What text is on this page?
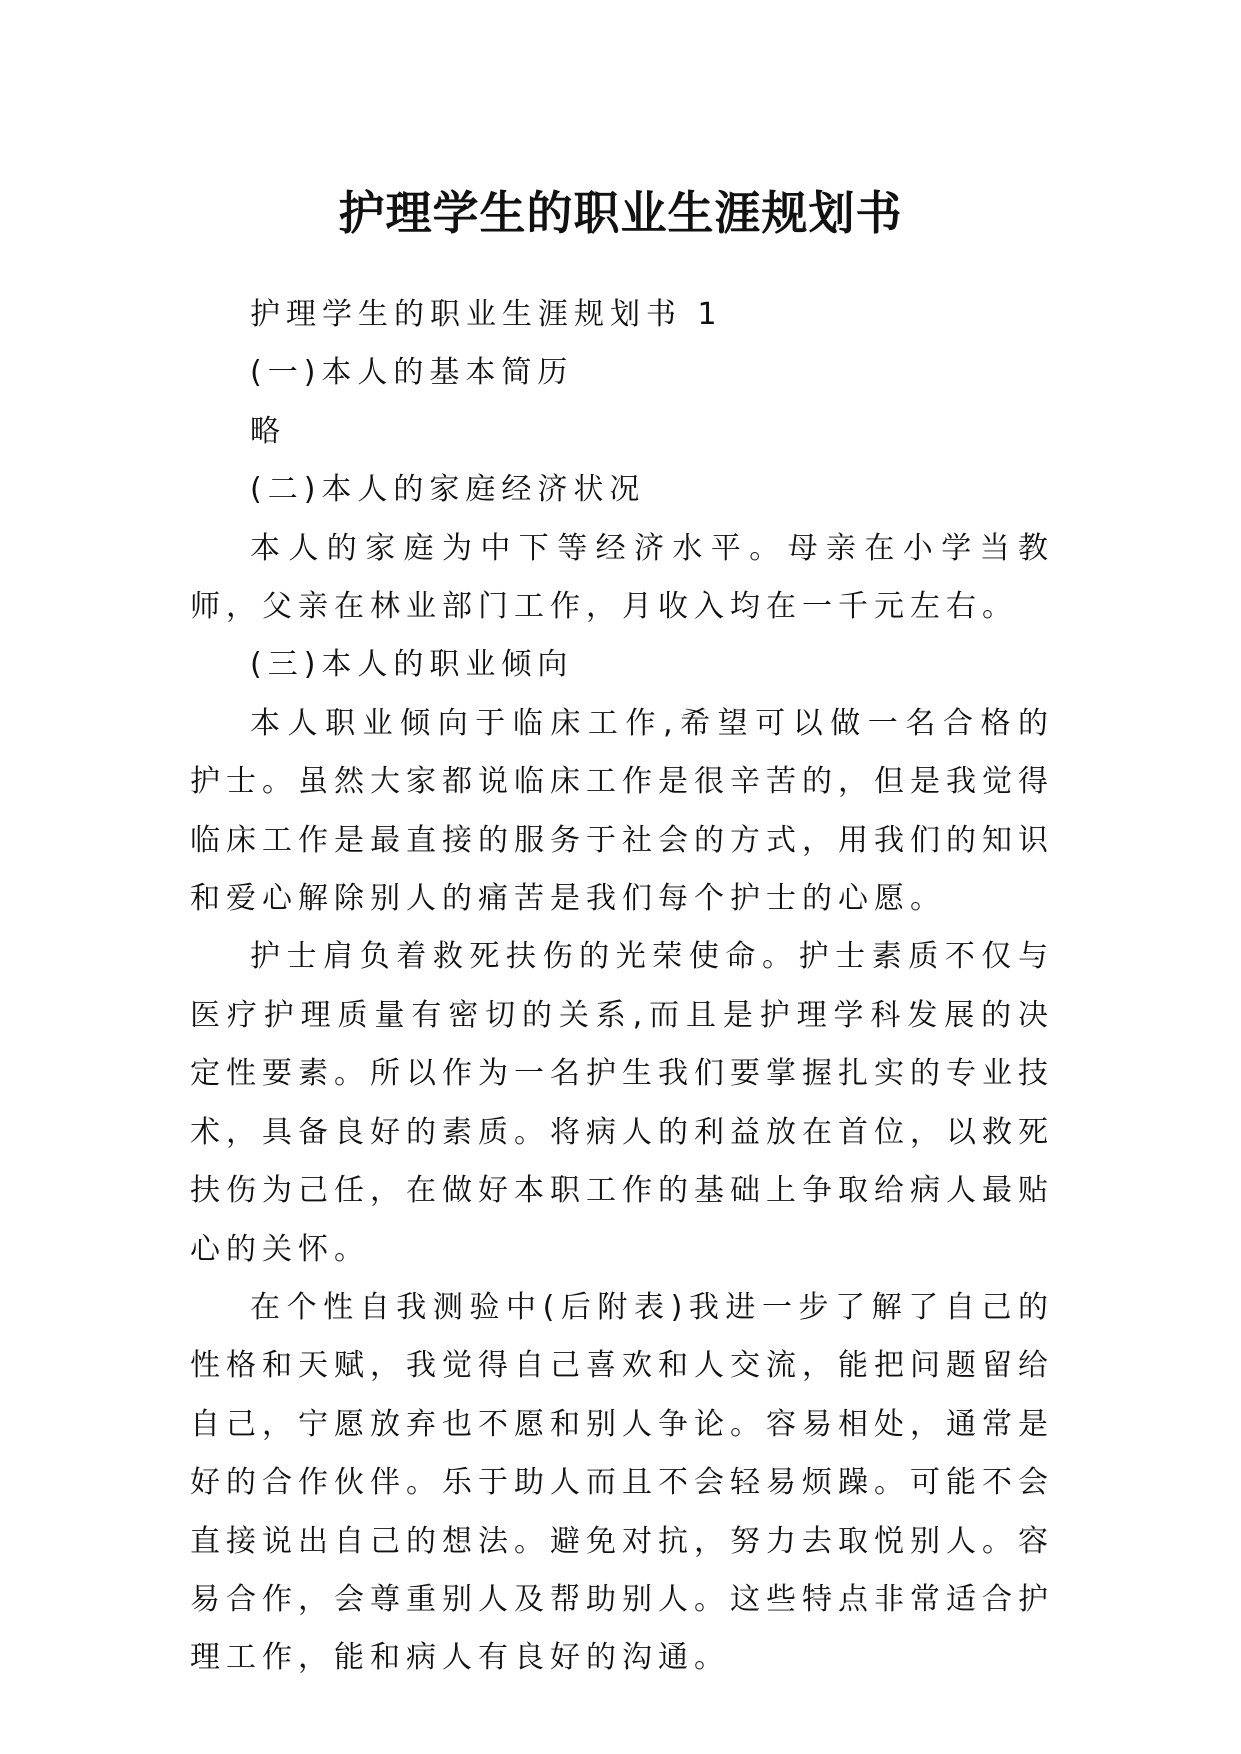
护理学生的职业生涯规划书

护理学生的职业生涯规划书 1

(一)本人的基本简历

略

(二)本人的家庭经济状况

本人的家庭为中下等经济水平。母亲在小学当教师，父亲在林业部门工作，月收入均在一千元左右。

(三)本人的职业倾向

本人职业倾向于临床工作,希望可以做一名合格的护士。虽然大家都说临床工作是很辛苦的，但是我觉得临床工作是最直接的服务于社会的方式，用我们的知识和爱心解除别人的痛苦是我们每个护士的心愿。

护士肩负着救死扶伤的光荣使命。护士素质不仅与医疗护理质量有密切的关系,而且是护理学科发展的决定性要素。所以作为一名护生我们要掌握扎实的专业技术，具备良好的素质。将病人的利益放在首位，以救死扶伤为己任，在做好本职工作的基础上争取给病人最贴心的关怀。

在个性自我测验中(后附表)我进一步了解了自己的性格和天赋，我觉得自己喜欢和人交流，能把问题留给自己，宁愿放弃也不愿和别人争论。容易相处，通常是好的合作伙伴。乐于助人而且不会轻易烦躁。可能不会直接说出自己的想法。避免对抗，努力去取悦别人。容易合作，会尊重别人及帮助别人。这些特点非常适合护理工作，能和病人有良好的沟通。
